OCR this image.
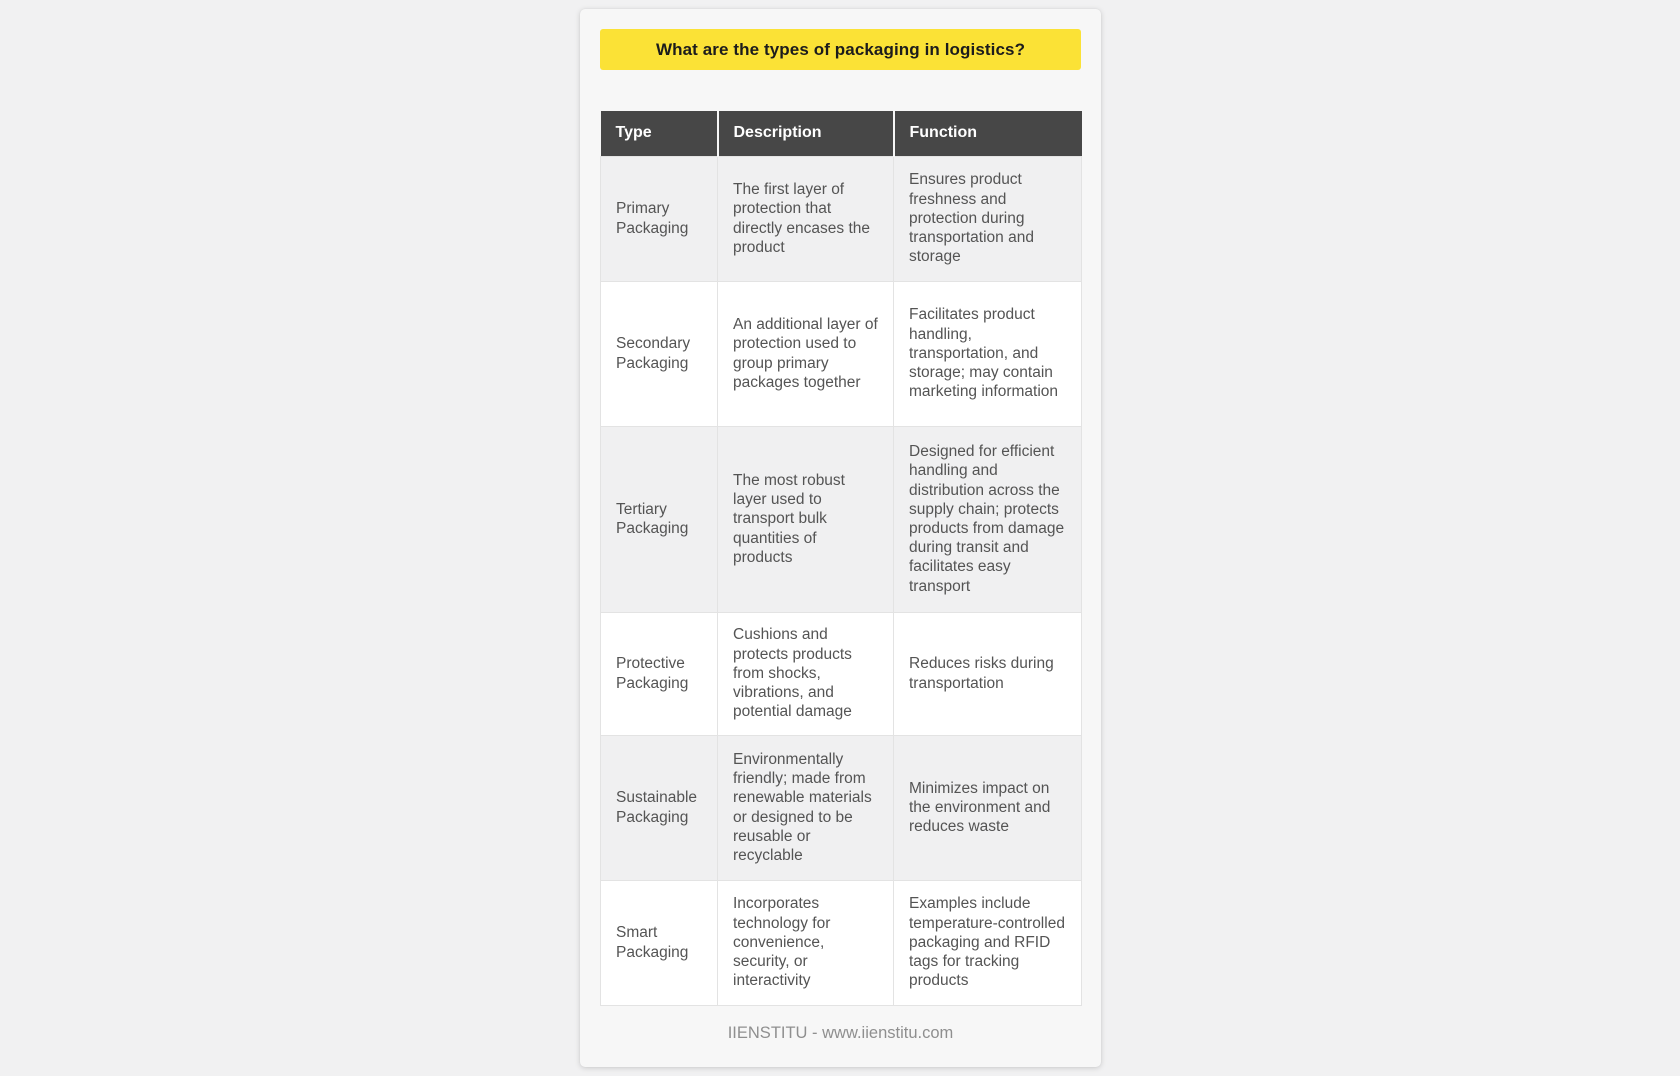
What are the types of packaging in logistics?
Type	Description	Function
Primary Packaging	The first layer of protection that directly encases the product	Ensures product freshness and protection during transportation and storage
Secondary Packaging	An additional layer of protection used to group primary packages together	Facilitates product handling, transportation, and storage; may contain marketing information
Tertiary Packaging	The most robust layer used to transport bulk quantities of products	Designed for efficient handling and distribution across the supply chain; protects products from damage during transit and facilitates easy transport
Protective Packaging	Cushions and protects products from shocks, vibrations, and potential damage	Reduces risks during transportation
Sustainable Packaging	Environmentally friendly; made from renewable materials or designed to be reusable or recyclable	Minimizes impact on the environment and reduces waste
Smart Packaging	Incorporates technology for convenience, security, or interactivity	Examples include temperature-controlled packaging and RFID tags for tracking products
IIENSTITU - www.iienstitu.com
